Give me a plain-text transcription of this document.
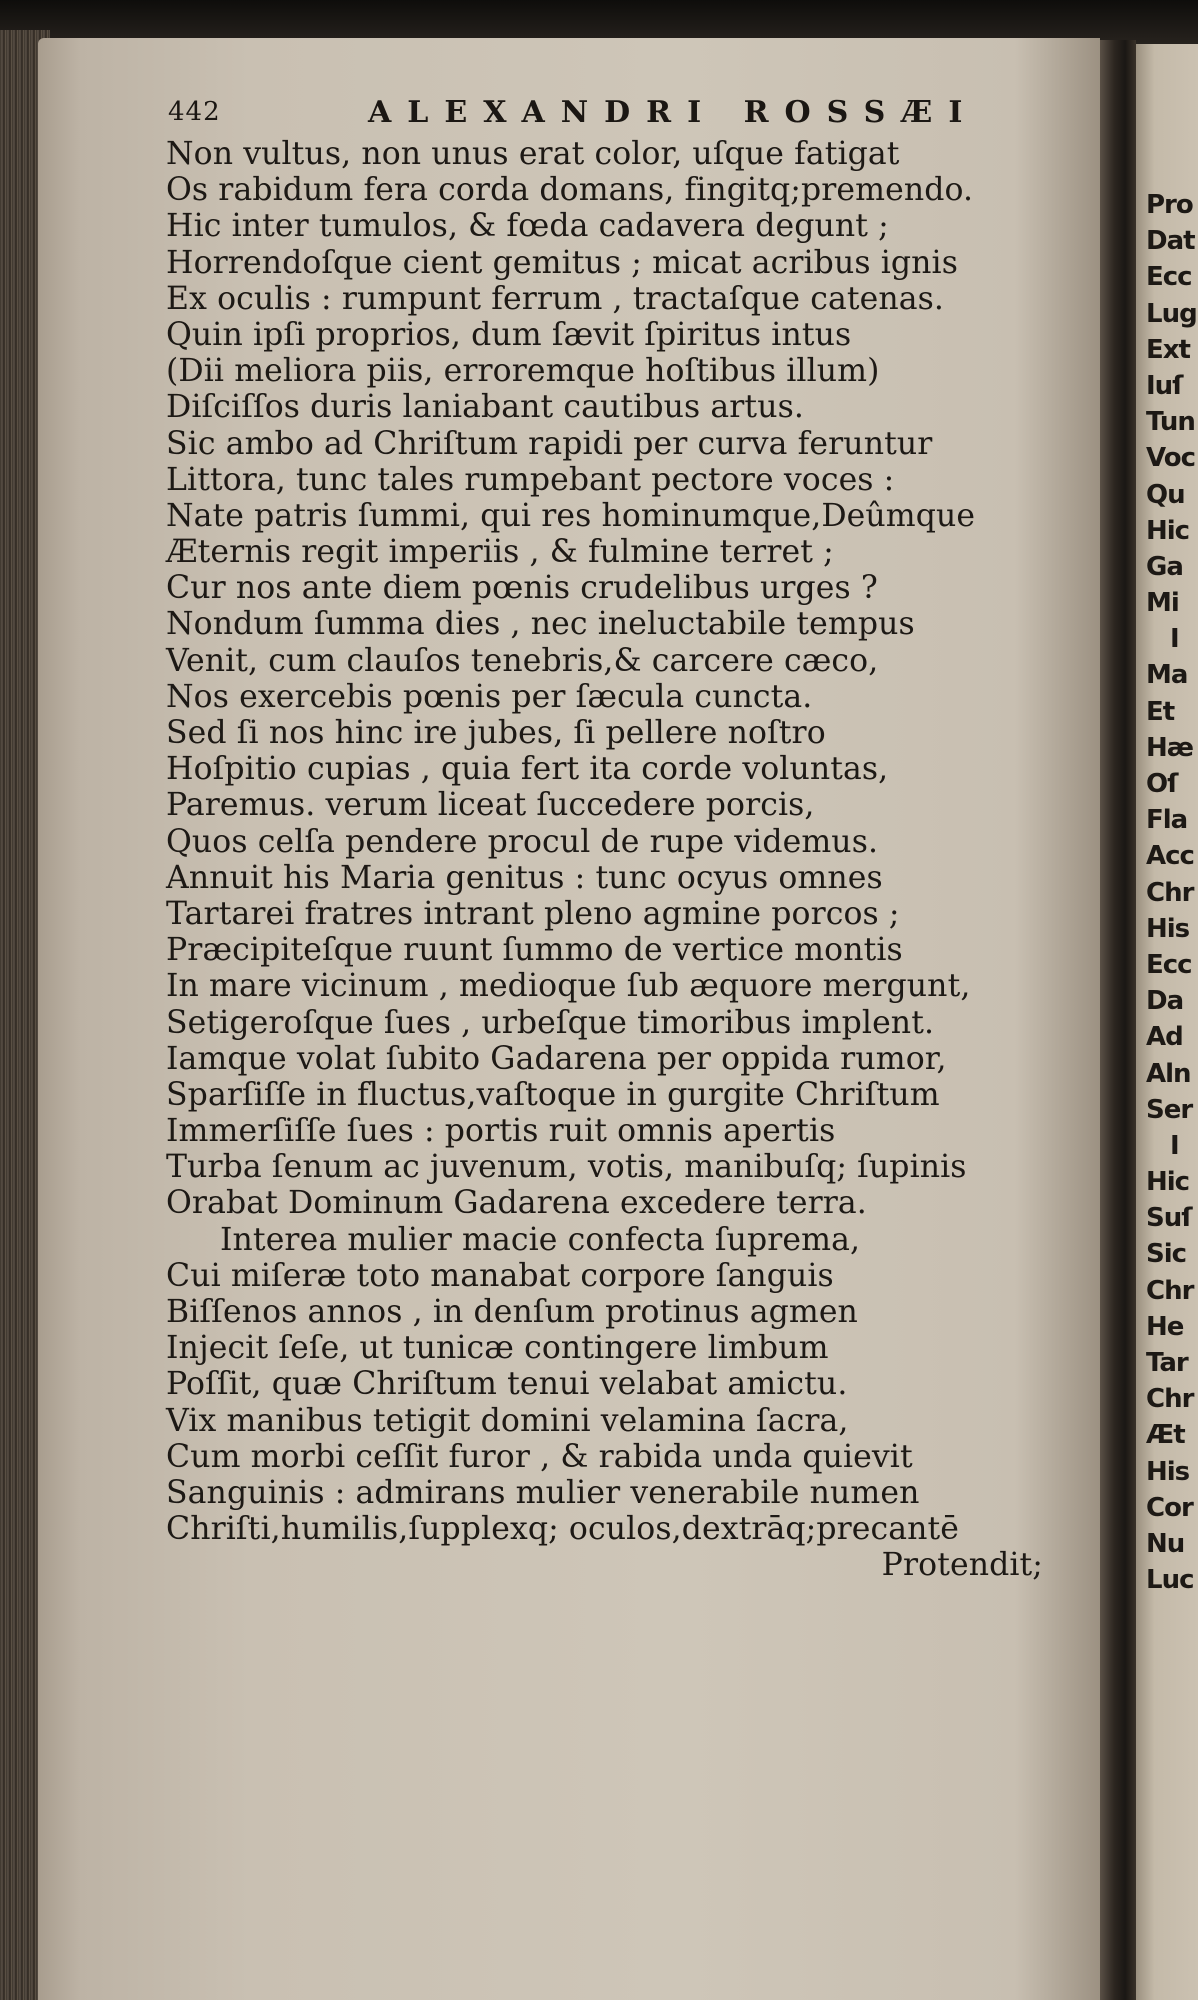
Pro
Dat
Ecc
Lug
Ext
Iuſ
Tun
Voc
Qu
Hic
Ga
Mi
I
Ma
Et
Hæ
Oſ
Fla
Acc
Chr
His
Ecc
Da
Ad
Aln
Ser
I
Hic
Suſ
Sic
Chr
He
Tar
Chr
Æt
His
Cor
Nu
Luc
442	ALEXANDRI ROSSÆI
Non vultus, non unus erat color, uſque fatigat
Os rabidum fera corda domans, fingitq;premendo.
Hic inter tumulos, & fœda cadavera degunt ;
Horrendoſque cient gemitus ; micat acribus ignis
Ex oculis : rumpunt ferrum , tractaſque catenas.
Quin ipſi proprios, dum ſævit ſpiritus intus
(Dii meliora piis, erroremque hoſtibus illum)
Diſciſſos duris laniabant cautibus artus.
Sic ambo ad Chriſtum rapidi per curva feruntur
Littora, tunc tales rumpebant pectore voces :
Nate patris ſummi, qui res hominumque,Deûmque
Æternis regit imperiis , & fulmine terret ;
Cur nos ante diem pœnis crudelibus urges ?
Nondum ſumma dies , nec ineluctabile tempus
Venit, cum clauſos tenebris,& carcere cæco,
Nos exercebis pœnis per ſæcula cuncta.
Sed ſi nos hinc ire jubes, ſi pellere noſtro
Hoſpitio cupias , quia fert ita corde voluntas,
Paremus. verum liceat ſuccedere porcis,
Quos celſa pendere procul de rupe videmus.
Annuit his Maria genitus : tunc ocyus omnes
Tartarei fratres intrant pleno agmine porcos ;
Præcipiteſque ruunt ſummo de vertice montis
In mare vicinum , medioque ſub æquore mergunt,
Setigeroſque ſues , urbeſque timoribus implent.
Iamque volat ſubito Gadarena per oppida rumor,
Sparſiſſe in fluctus,vaſtoque in gurgite Chriſtum
Immerſiſſe ſues : portis ruit omnis apertis
Turba ſenum ac juvenum, votis, manibuſq; ſupinis
Orabat Dominum Gadarena excedere terra.
Interea mulier macie confecta ſuprema,
Cui miſeræ toto manabat corpore ſanguis
Biſſenos annos , in denſum protinus agmen
Injecit ſeſe, ut tunicæ contingere limbum
Poſſit, quæ Chriſtum tenui velabat amictu.
Vix manibus tetigit domini velamina ſacra,
Cum morbi ceſſit furor , & rabida unda quievit
Sanguinis : admirans mulier venerabile numen
Chriſti,humilis,ſupplexq; oculos,dextrāq;precantē
Protendit;
